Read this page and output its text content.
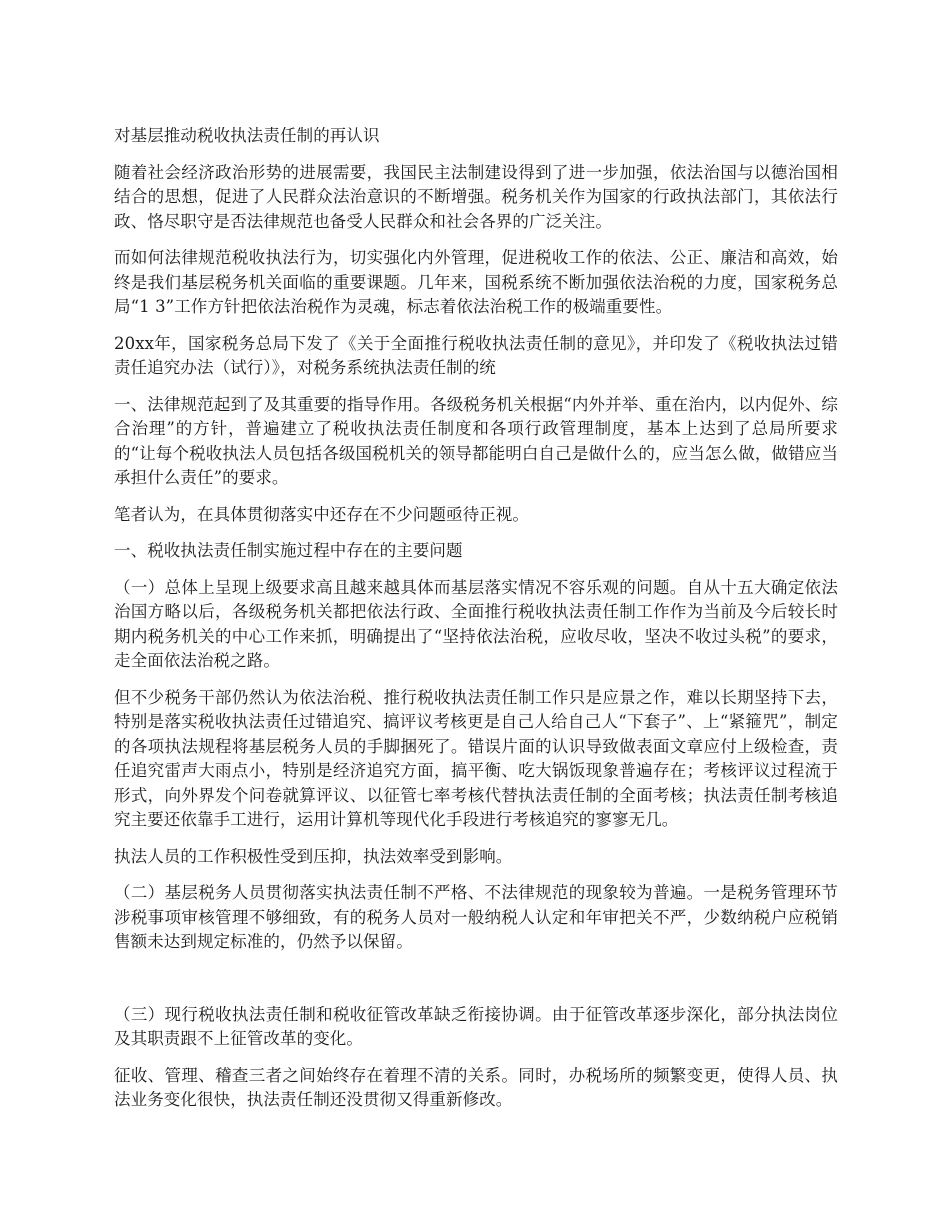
对基层推动税收执法责任制的再认识

随着社会经济政治形势的进展需要，我国民主法制建设得到了进一步加强，依法治国与以德治国相结合的思想，促进了人民群众法治意识的不断增强。税务机关作为国家的行政执法部门，其依法行政、恪尽职守是否法律规范也备受人民群众和社会各界的广泛关注。

而如何法律规范税收执法行为，切实强化内外管理，促进税收工作的依法、公正、廉洁和高效，始终是我们基层税务机关面临的重要课题。几年来，国税系统不断加强依法治税的力度，国家税务总局“1 3”工作方针把依法治税作为灵魂，标志着依法治税工作的极端重要性。

20xx年，国家税务总局下发了《关于全面推行税收执法责任制的意见》，并印发了《税收执法过错责任追究办法（试行）》，对税务系统执法责任制的统

一、法律规范起到了及其重要的指导作用。各级税务机关根据“内外并举、重在治内，以内促外、综合治理”的方针，普遍建立了税收执法责任制度和各项行政管理制度，基本上达到了总局所要求的“让每个税收执法人员包括各级国税机关的领导都能明白自己是做什么的，应当怎么做，做错应当承担什么责任”的要求。

笔者认为，在具体贯彻落实中还存在不少问题亟待正视。

一、税收执法责任制实施过程中存在的主要问题

（一）总体上呈现上级要求高且越来越具体而基层落实情况不容乐观的问题。自从十五大确定依法治国方略以后，各级税务机关都把依法行政、全面推行税收执法责任制工作作为当前及今后较长时期内税务机关的中心工作来抓，明确提出了“坚持依法治税，应收尽收，坚决不收过头税”的要求，走全面依法治税之路。

但不少税务干部仍然认为依法治税、推行税收执法责任制工作只是应景之作，难以长期坚持下去，特别是落实税收执法责任过错追究、搞评议考核更是自己人给自己人“下套子”、上“紧箍咒”，制定的各项执法规程将基层税务人员的手脚捆死了。错误片面的认识导致做表面文章应付上级检查，责任追究雷声大雨点小，特别是经济追究方面，搞平衡、吃大锅饭现象普遍存在；考核评议过程流于形式，向外界发个问卷就算评议、以征管七率考核代替执法责任制的全面考核；执法责任制考核追究主要还依靠手工进行，运用计算机等现代化手段进行考核追究的寥寥无几。

执法人员的工作积极性受到压抑，执法效率受到影响。

（二）基层税务人员贯彻落实执法责任制不严格、不法律规范的现象较为普遍。一是税务管理环节涉税事项审核管理不够细致，有的税务人员对一般纳税人认定和年审把关不严，少数纳税户应税销售额未达到规定标准的，仍然予以保留。

（三）现行税收执法责任制和税收征管改革缺乏衔接协调。由于征管改革逐步深化，部分执法岗位及其职责跟不上征管改革的变化。

征收、管理、稽查三者之间始终存在着理不清的关系。同时，办税场所的频繁变更，使得人员、执法业务变化很快，执法责任制还没贯彻又得重新修改。
